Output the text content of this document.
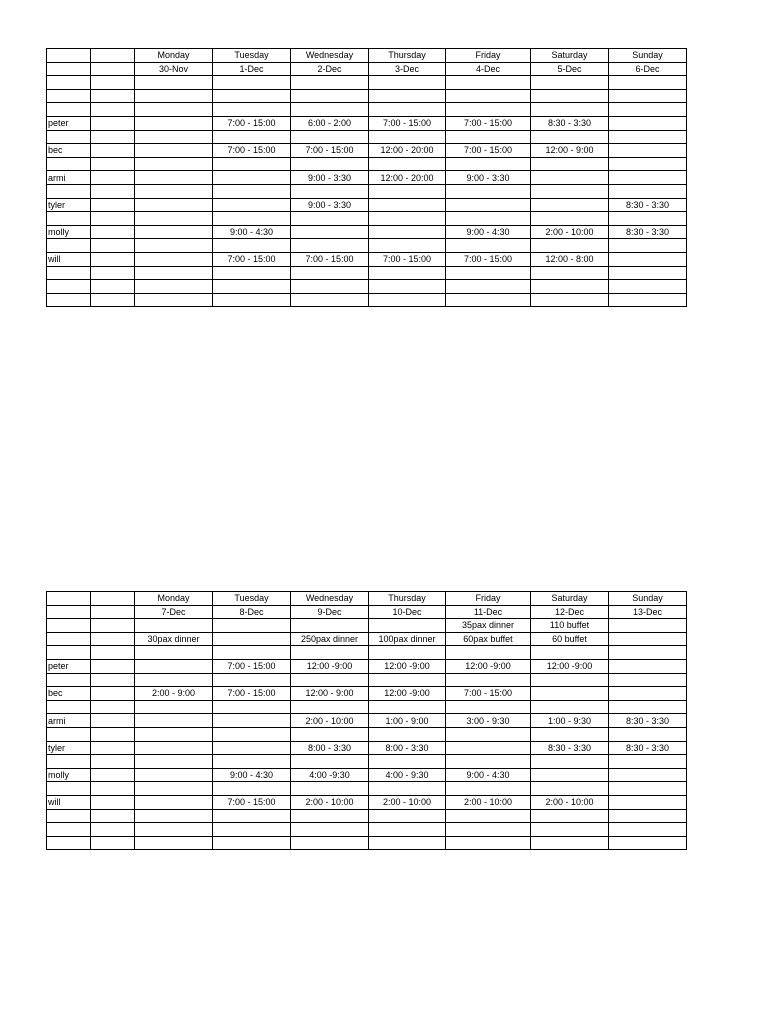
		Monday	Tuesday	Wednesday	Thursday	Friday	Saturday	Sunday
		30-Nov	1-Dec	2-Dec	3-Dec	4-Dec	5-Dec	6-Dec

peter			7:00 - 15:00	6:00 - 2:00	7:00 - 15:00	7:00 - 15:00	8:30 - 3:30	

bec			7:00 - 15:00	7:00 - 15:00	12:00 - 20:00	7:00 - 15:00	12:00 - 9:00	

armi				9:00 - 3:30	12:00 - 20:00	9:00 - 3:30		

tyler				9:00 - 3:30				8:30 - 3:30

molly			9:00 - 4:30			9:00 - 4:30	2:00 - 10:00	8:30 - 3:30

will			7:00 - 15:00	7:00 - 15:00	7:00 - 15:00	7:00 - 15:00	12:00 - 8:00	

		Monday	Tuesday	Wednesday	Thursday	Friday	Saturday	Sunday
		7-Dec	8-Dec	9-Dec	10-Dec	11-Dec	12-Dec	13-Dec
						35pax dinner	110 buffet	
		30pax dinner		250pax dinner	100pax dinner	60pax buffet	60 buffet	

peter			7:00 - 15:00	12:00 -9:00	12:00 -9:00	12:00 -9:00	12:00 -9:00	

bec		2:00 - 9:00	7:00 - 15:00	12:00 - 9:00	12:00 -9:00	7:00 - 15:00		

armi				2:00 - 10:00	1:00 - 9:00	3:00 - 9:30	1:00 - 9:30	8:30 - 3:30

tyler				8:00 - 3:30	8:00 - 3:30		8:30 - 3:30	8:30 - 3:30

molly			9:00 - 4:30	4:00 -9:30	4:00 - 9:30	9:00 - 4:30		

will			7:00 - 15:00	2:00 - 10:00	2:00 - 10:00	2:00 - 10:00	2:00 - 10:00	
